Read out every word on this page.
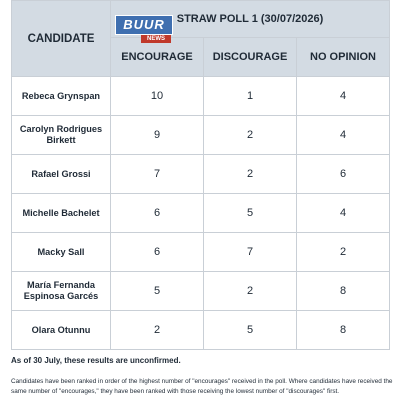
CANDIDATE	BUUR
NEWS
STRAW POLL 1 (30/07/2026)		
	ENCOURAGE	DISCOURAGE	NO OPINION
Rebeca Grynspan	10	1	4
Carolyn Rodrigues Birkett	9	2	4
Rafael Grossi	7	2	6
Michelle Bachelet	6	5	4
Macky Sall	6	7	2
María Fernanda Espinosa Garcés	5	2	8
Olara Otunnu	2	5	8

As of 30 July, these results are unconfirmed.

Candidates have been ranked in order of the highest number of "encourages" received in the poll. Where candidates have received the same number of "encourages," they have been ranked with those receiving the lowest number of "discourages" first.
